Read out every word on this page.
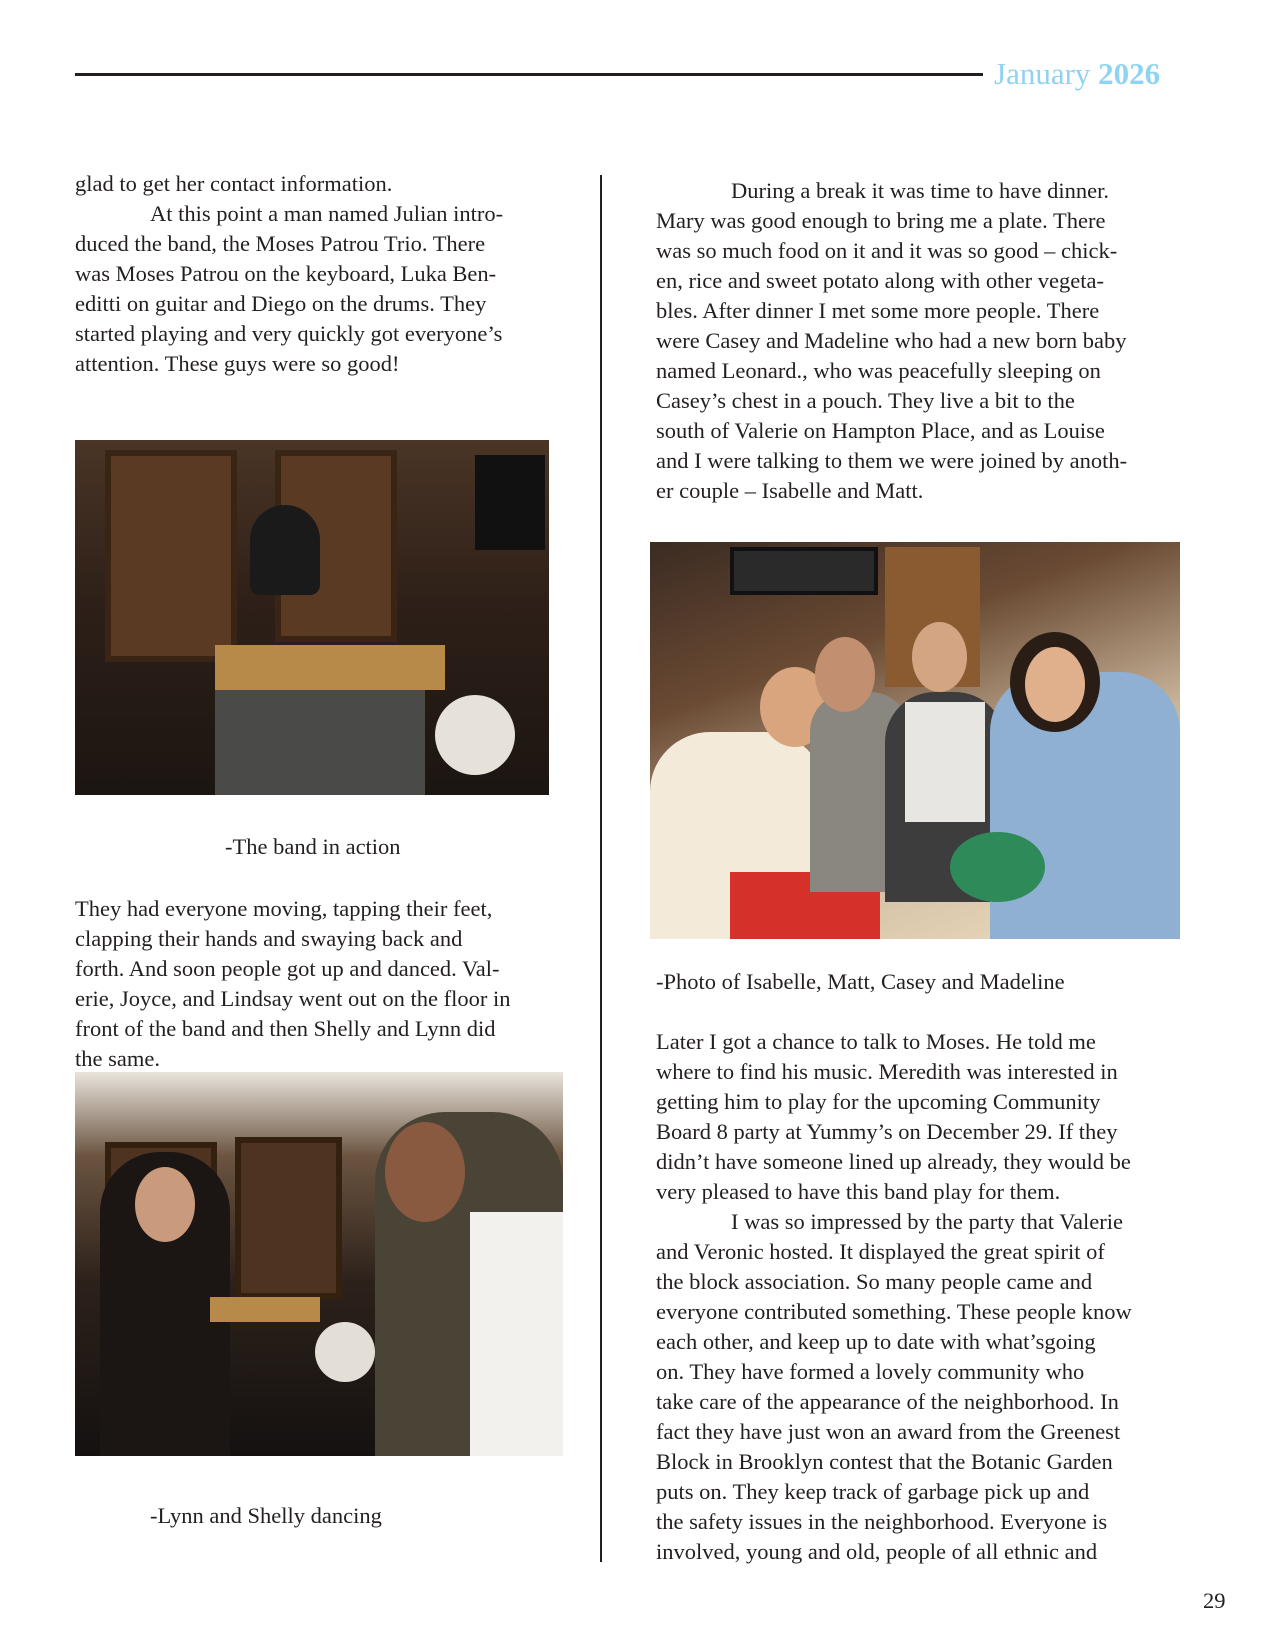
January 2026
glad to get her contact information.
At this point a man named Julian intro-
duced the band, the Moses Patrou Trio. There
was Moses Patrou on the keyboard, Luka Ben-
editti on guitar and Diego on the drums. They
started playing and very quickly got everyone’s
attention. These guys were so good!
-The band in action
They had everyone moving, tapping their feet,
clapping their hands and swaying back and
forth. And soon people got up and danced. Val-
erie, Joyce, and Lindsay went out on the floor in
front of the band and then Shelly and Lynn did
the same.
-Lynn and Shelly dancing
During a break it was time to have dinner.
Mary was good enough to bring me a plate. There
was so much food on it and it was so good – chick-
en, rice and sweet potato along with other vegeta-
bles. After dinner I met some more people. There
were Casey and Madeline who had a new born baby
named Leonard., who was peacefully sleeping on
Casey’s chest in a pouch. They live a bit to the
south of Valerie on Hampton Place, and as Louise
and I were talking to them we were joined by anoth-
er couple – Isabelle and Matt.
-Photo of Isabelle, Matt, Casey and Madeline
Later I got a chance to talk to Moses. He told me
where to find his music. Meredith was interested in
getting him to play for the upcoming Community
Board 8 party at Yummy’s on December 29. If they
didn’t have someone lined up already, they would be
very pleased to have this band play for them.
I was so impressed by the party that Valerie
and Veronic hosted. It displayed the great spirit of
the block association. So many people came and
everyone contributed something. These people know
each other, and keep up to date with what’sgoing
on. They have formed a lovely community who
take care of the appearance of the neighborhood. In
fact they have just won an award from the Greenest
Block in Brooklyn contest that the Botanic Garden
puts on. They keep track of garbage pick up and
the safety issues in the neighborhood. Everyone is
involved, young and old, people of all ethnic and
29
